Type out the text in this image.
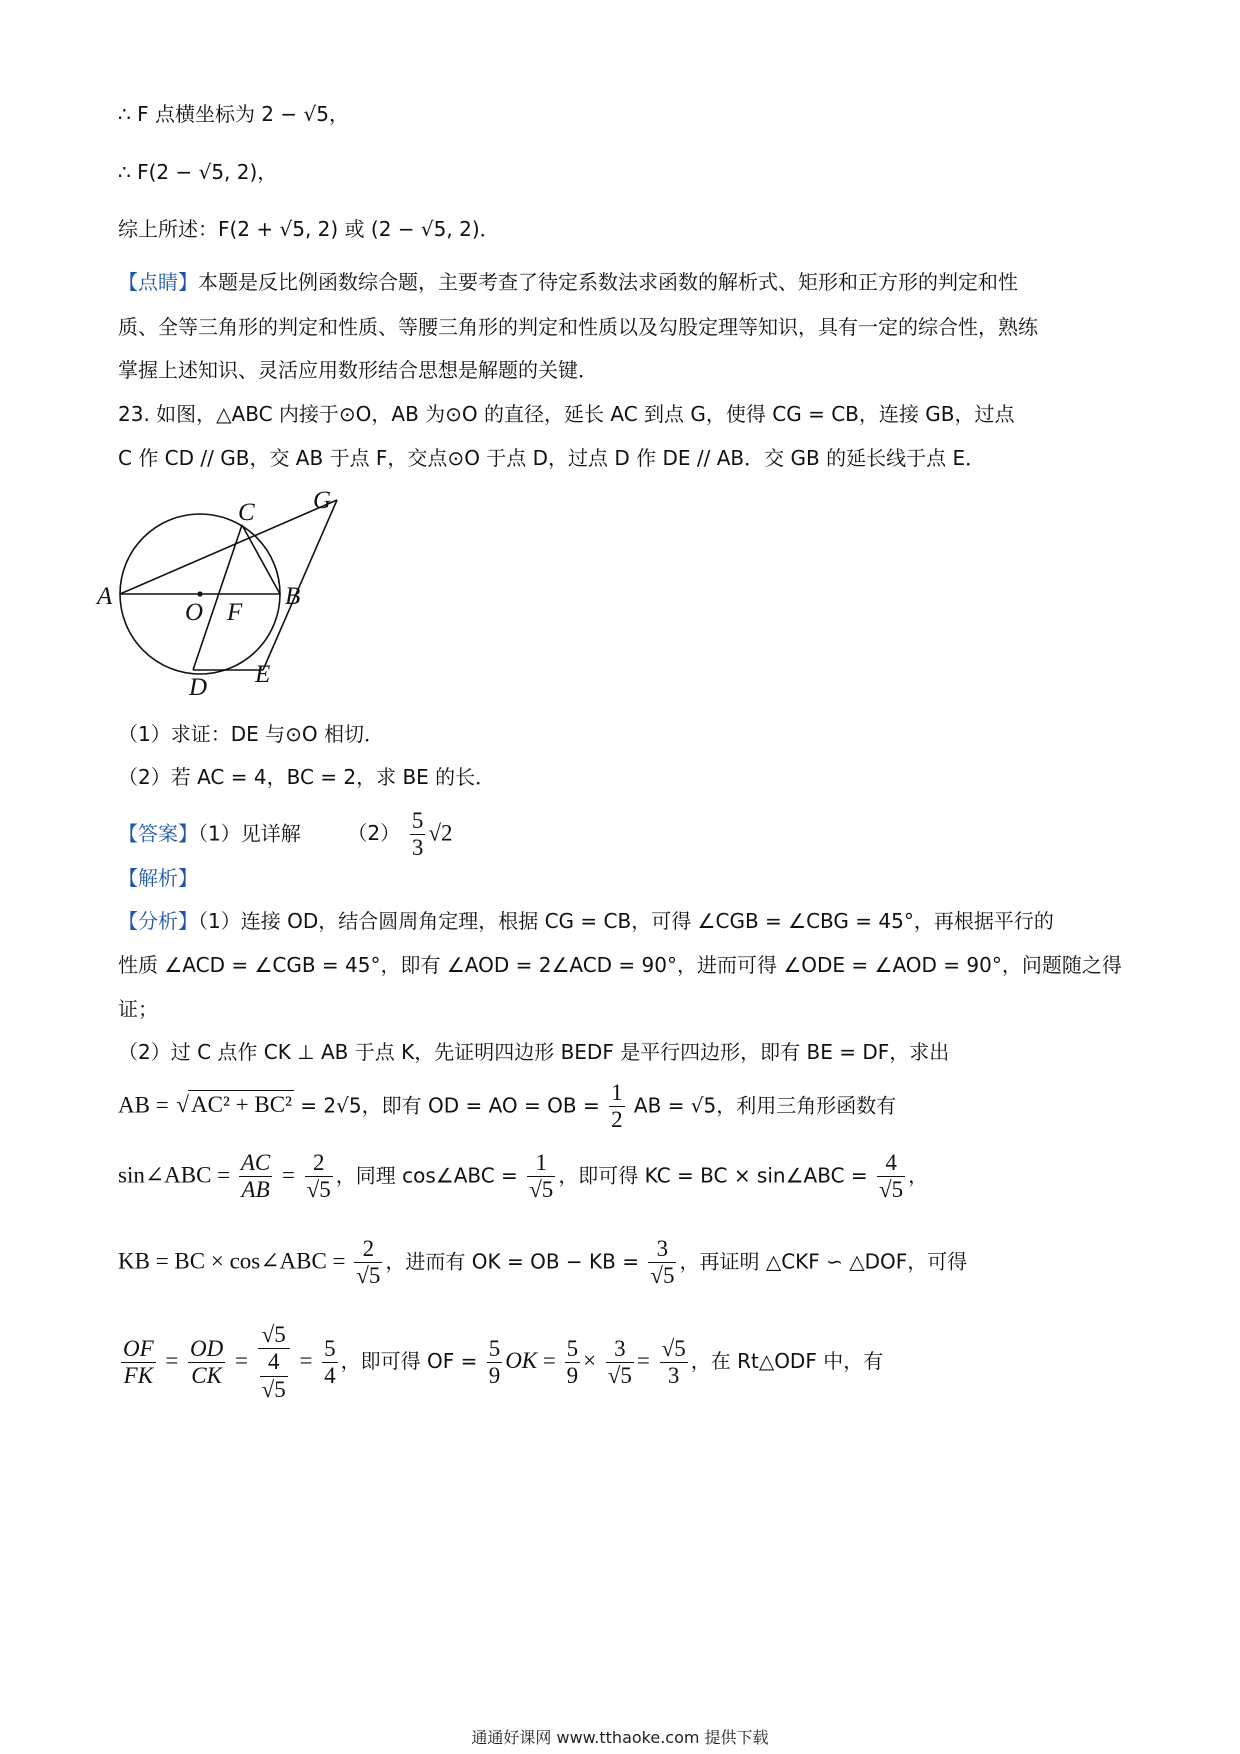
∴ F 点横坐标为 2 − √5，
∴ F(2 − √5, 2)，
综上所述：F(2 + √5, 2) 或 (2 − √5, 2)．
【点睛】本题是反比例函数综合题，主要考查了待定系数法求函数的解析式、矩形和正方形的判定和性
质、全等三角形的判定和性质、等腰三角形的判定和性质以及勾股定理等知识，具有一定的综合性，熟练
掌握上述知识、灵活应用数形结合思想是解题的关键．
23. 如图，△ABC 内接于⊙O，AB 为⊙O 的直径，延长 AC 到点 G，使得 CG = CB，连接 GB，过点
C 作 CD // GB，交 AB 于点 F，交点⊙O 于点 D，过点 D 作 DE // AB．交 GB 的延长线于点 E．
A	B
C
D E
F
G
O
（1）求证：DE 与⊙O 相切．
（2）若 AC = 4，BC = 2，求 BE 的长．
【答案】（1）见详解 $(2) \frac{5}{3} √2$
【解析】
【分析】（1）连接 OD，结合圆周角定理，根据 CG = CB，可得 ∠CGB = ∠CBG = 45°，再根据平行的
性质 ∠ACD = ∠CGB = 45°，即有 ∠AOD = 2∠ACD = 90°，进而可得 ∠ODE = ∠AOD = 90°，问题随之得
证；
（2）过 C 点作 CK ⊥ AB 于点 K，先证明四边形 BEDF 是平行四边形，即有 BE = DF，求出
AB = √ AC² + BC² = 2√5，即有 OD = AO = OB = $\frac{1}{2}$ AB = √5，利用三角形函数有
sin∠ABC = $\frac{AC}{AB} = \frac{2}{√5}$ ，同理 cos∠ABC = $\frac{1}{√5}$ ，即可得 KC = BC × sin∠ABC = $\frac{4}{√5}$ ，
KB = BC × cos∠ABC = $\frac{2}{√5}$ ，进而有 OK = OB − KB = $\frac{3}{√5}$ ，再证明 △CKF ∽ △DOF，可得
$\frac{OF}{FK} = \frac{OD}{CK} = \frac{√5}{\frac{4}{√5}} = \frac{5}{4}$ ，即可得 OF = $\frac{5}{9}$ OK = $\frac{5}{9} \times \frac{3}{√5} = \frac{√5}{3}$ ，在 Rt△ODF 中，有
通通好课网 www.tthaoke.com 提供下载
